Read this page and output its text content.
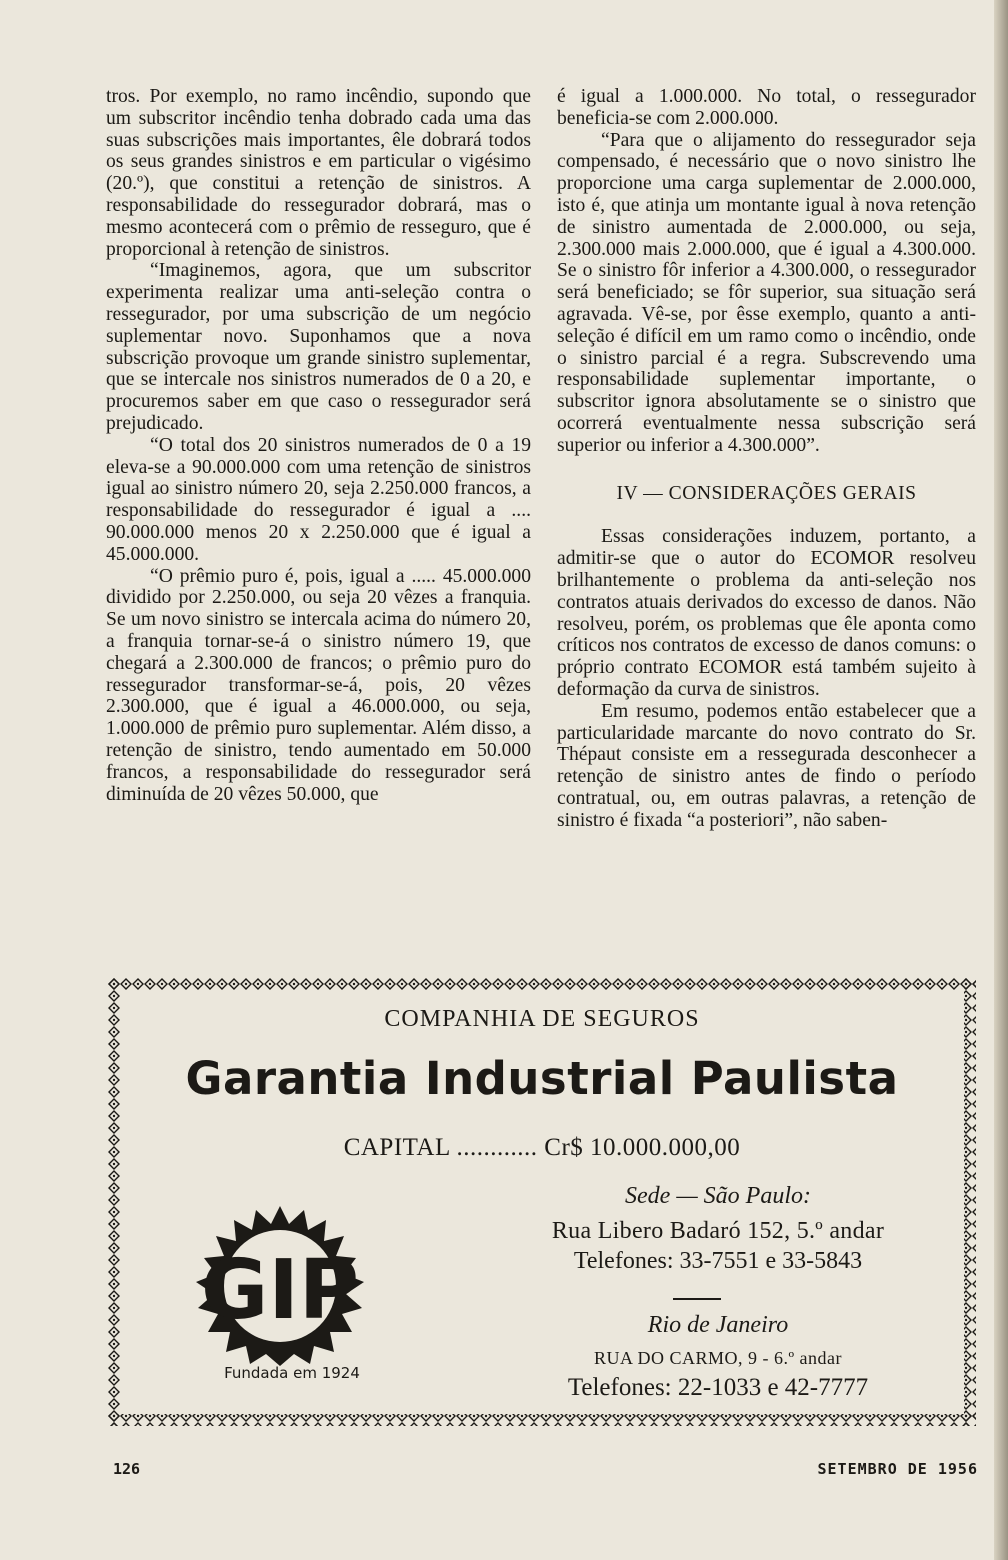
tros. Por exemplo, no ramo incêndio, supondo que um subscritor incêndio tenha dobrado cada uma das suas subscrições mais importantes, êle dobrará todos os seus grandes sinistros e em particular o vigésimo (20.º), que constitui a retenção de sinistros. A responsabilidade do ressegurador dobrará, mas o mesmo acontecerá com o prêmio de resseguro, que é proporcional à retenção de sinistros.

“Imaginemos, agora, que um subscritor experimenta realizar uma anti-seleção contra o ressegurador, por uma subscrição de um negócio suplementar novo. Suponhamos que a nova subscrição provoque um grande sinistro suplementar, que se intercale nos sinistros numerados de 0 a 20, e procuremos saber em que caso o ressegurador será prejudicado.

“O total dos 20 sinistros numerados de 0 a 19 eleva-se a 90.000.000 com uma retenção de sinistros igual ao sinistro número 20, seja 2.250.000 francos, a responsabilidade do ressegurador é igual a .... 90.000.000 menos 20 x 2.250.000 que é igual a 45.000.000.

“O prêmio puro é, pois, igual a ..... 45.000.000 dividido por 2.250.000, ou seja 20 vêzes a franquia. Se um novo sinistro se intercala acima do número 20, a franquia tornar-se-á o sinistro número 19, que chegará a 2.300.000 de francos; o prêmio puro do ressegurador transformar-se-á, pois, 20 vêzes 2.300.000, que é igual a 46.000.000, ou seja, 1.000.000 de prêmio puro suplementar. Além disso, a retenção de sinistro, tendo aumentado em 50.000 francos, a responsabilidade do ressegurador será diminuída de 20 vêzes 50.000, que

é igual a 1.000.000. No total, o ressegurador beneficia-se com 2.000.000.

“Para que o alijamento do ressegurador seja compensado, é necessário que o novo sinistro lhe proporcione uma carga suplementar de 2.000.000, isto é, que atinja um montante igual à nova retenção de sinistro aumentada de 2.000.000, ou seja, 2.300.000 mais 2.000.000, que é igual a 4.300.000. Se o sinistro fôr inferior a 4.300.000, o ressegurador será beneficiado; se fôr superior, sua situação será agravada. Vê-se, por êsse exemplo, quanto a anti-seleção é difícil em um ramo como o incêndio, onde o sinistro parcial é a regra. Subscrevendo uma responsabilidade suplementar importante, o subscritor ignora absolutamente se o sinistro que ocorrerá eventualmente nessa subscrição será superior ou inferior a 4.300.000”.

IV — CONSIDERAÇÕES GERAIS

Essas considerações induzem, portanto, a admitir-se que o autor do ECOMOR resolveu brilhantemente o problema da anti-seleção nos contratos atuais derivados do excesso de danos. Não resolveu, porém, os problemas que êle aponta como críticos nos contratos de excesso de danos comuns: o próprio contrato ECOMOR está também sujeito à deformação da curva de sinistros.

Em resumo, podemos então estabelecer que a particularidade marcante do novo contrato do Sr. Thépaut consiste em a resseguradа desconhecer a retenção de sinistro antes de findo o período contratual, ou, em outras palavras, a retenção de sinistro é fixada “a posteriori”, não saben-

COMPANHIA DE SEGUROS
Garantia Industrial Paulista
CAPITAL ............ Cr$ 10.000.000,00
GIP
Fundada em 1924
Sede — São Paulo:
Rua Libero Badaró 152, 5.º andar
Telefones: 33-7551 e 33-5843
Rio de Janeiro
RUA DO CARMO, 9 - 6.º andar
Telefones: 22-1033 e 42-7777
126	SETEMBRO DE 1956
